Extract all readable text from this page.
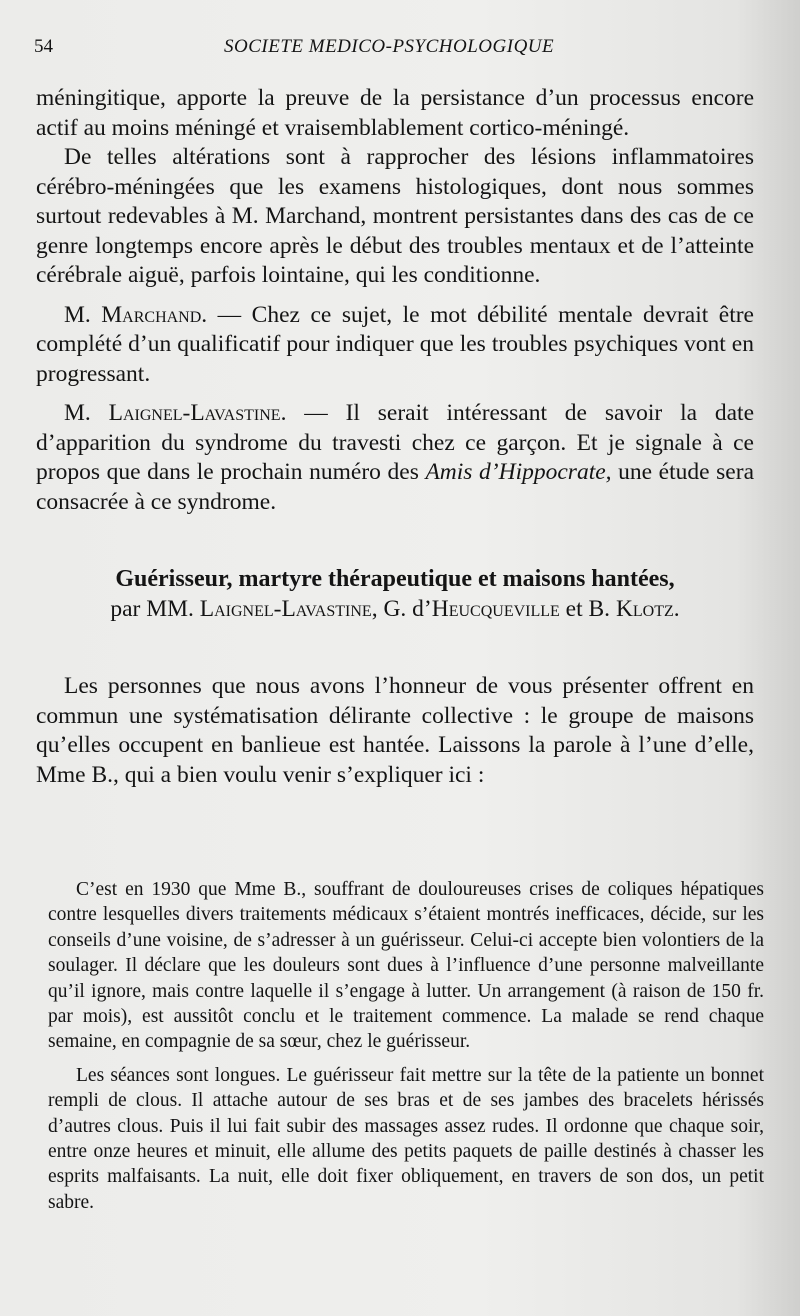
54	SOCIETE MEDICO-PSYCHOLOGIQUE

méningitique, apporte la preuve de la persistance d’un processus encore actif au moins méningé et vraisemblablement cortico-méningé.

De telles altérations sont à rapprocher des lésions inflammatoires cérébro-méningées que les examens histologiques, dont nous sommes surtout redevables à M. Marchand, montrent persistantes dans des cas de ce genre longtemps encore après le début des troubles mentaux et de l’atteinte cérébrale aiguë, parfois lointaine, qui les conditionne.

M. Marchand. — Chez ce sujet, le mot débilité mentale devrait être complété d’un qualificatif pour indiquer que les troubles psychiques vont en progressant.

M. Laignel-Lavastine. — Il serait intéressant de savoir la date d’apparition du syndrome du travesti chez ce garçon. Et je signale à ce propos que dans le prochain numéro des Amis d’Hippocrate, une étude sera consacrée à ce syndrome.

Guérisseur, martyre thérapeutique et maisons hantées,
par MM. Laignel-Lavastine, G. d’Heucqueville et B. Klotz.

Les personnes que nous avons l’honneur de vous présenter offrent en commun une systématisation délirante collective : le groupe de maisons qu’elles occupent en banlieue est hantée. Laissons la parole à l’une d’elle, Mme B., qui a bien voulu venir s’expliquer ici :

C’est en 1930 que Mme B., souffrant de douloureuses crises de coliques hépatiques contre lesquelles divers traitements médicaux s’étaient montrés inefficaces, décide, sur les conseils d’une voisine, de s’adresser à un guérisseur. Celui-ci accepte bien volontiers de la soulager. Il déclare que les douleurs sont dues à l’influence d’une personne malveillante qu’il ignore, mais contre laquelle il s’engage à lutter. Un arrangement (à raison de 150 fr. par mois), est aussitôt conclu et le traitement commence. La malade se rend chaque semaine, en compagnie de sa sœur, chez le guérisseur.

Les séances sont longues. Le guérisseur fait mettre sur la tête de la patiente un bonnet rempli de clous. Il attache autour de ses bras et de ses jambes des bracelets hérissés d’autres clous. Puis il lui fait subir des massages assez rudes. Il ordonne que chaque soir, entre onze heures et minuit, elle allume des petits paquets de paille destinés à chasser les esprits malfaisants. La nuit, elle doit fixer obliquement, en travers de son dos, un petit sabre.
